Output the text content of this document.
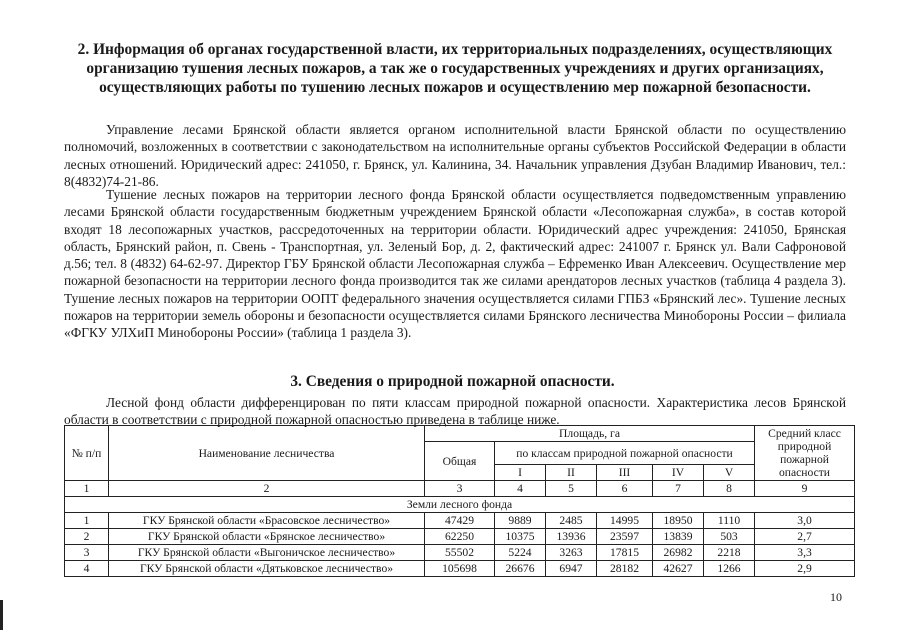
2. Информация об органах государственной власти, их территориальных подразделениях, осуществляющих организацию тушения лесных пожаров, а так же о государственных учреждениях и других организациях, осуществляющих работы по тушению лесных пожаров и осуществлению мер пожарной безопасности.
Управление лесами Брянской области является органом исполнительной власти Брянской области по осуществлению полномочий, возложенных в соответствии с законодательством на исполнительные органы субъектов Российской Федерации в области лесных отношений. Юридический адрес: 241050, г. Брянск, ул. Калинина, 34. Начальник управления Дзубан Владимир Иванович, тел.: 8(4832)74-21-86.
Тушение лесных пожаров на территории лесного фонда Брянской области осуществляется подведомственным управлению лесами Брянской области государственным бюджетным учреждением Брянской области «Лесопожарная служба», в состав которой входят 18 лесопожарных участков, рассредоточенных на территории области. Юридический адрес учреждения: 241050, Брянская область, Брянский район, п. Свень - Транспортная, ул. Зеленый Бор, д. 2, фактический адрес: 241007 г. Брянск ул. Вали Сафроновой д.56; тел. 8 (4832) 64-62-97. Директор ГБУ Брянской области Лесопожарная служба – Ефременко Иван Алексеевич. Осуществление мер пожарной безопасности на территории лесного фонда производится так же силами арендаторов лесных участков (таблица 4 раздела 3). Тушение лесных пожаров на территории ООПТ федерального значения осуществляется силами ГПБЗ «Брянский лес». Тушение лесных пожаров на территории земель обороны и безопасности осуществляется силами Брянского лесничества Минобороны России – филиала «ФГКУ УЛХиП Минобороны России» (таблица 1 раздела 3).
3. Сведения о природной пожарной опасности.
Лесной фонд области дифференцирован по пяти классам природной пожарной опасности. Характеристика лесов Брянской области в соответствии с природной пожарной опасностью приведена в таблице ниже.
№ п/п	Наименование лесничества	Площадь, га						Средний класс природной пожарной опасности
		Общая	по классам природной пожарной опасности					
			I	II	III	IV	V	
1	2	3	4	5	6	7	8	9
Земли лесного фонда								
1	ГКУ Брянской области «Брасовское лесничество»	47429	9889	2485	14995	18950	1110	3,0
2	ГКУ Брянской области «Брянское лесничество»	62250	10375	13936	23597	13839	503	2,7
3	ГКУ Брянской области «Выгоничское лесничество»	55502	5224	3263	17815	26982	2218	3,3
4	ГКУ Брянской области «Дятьковское лесничество»	105698	26676	6947	28182	42627	1266	2,9
10
